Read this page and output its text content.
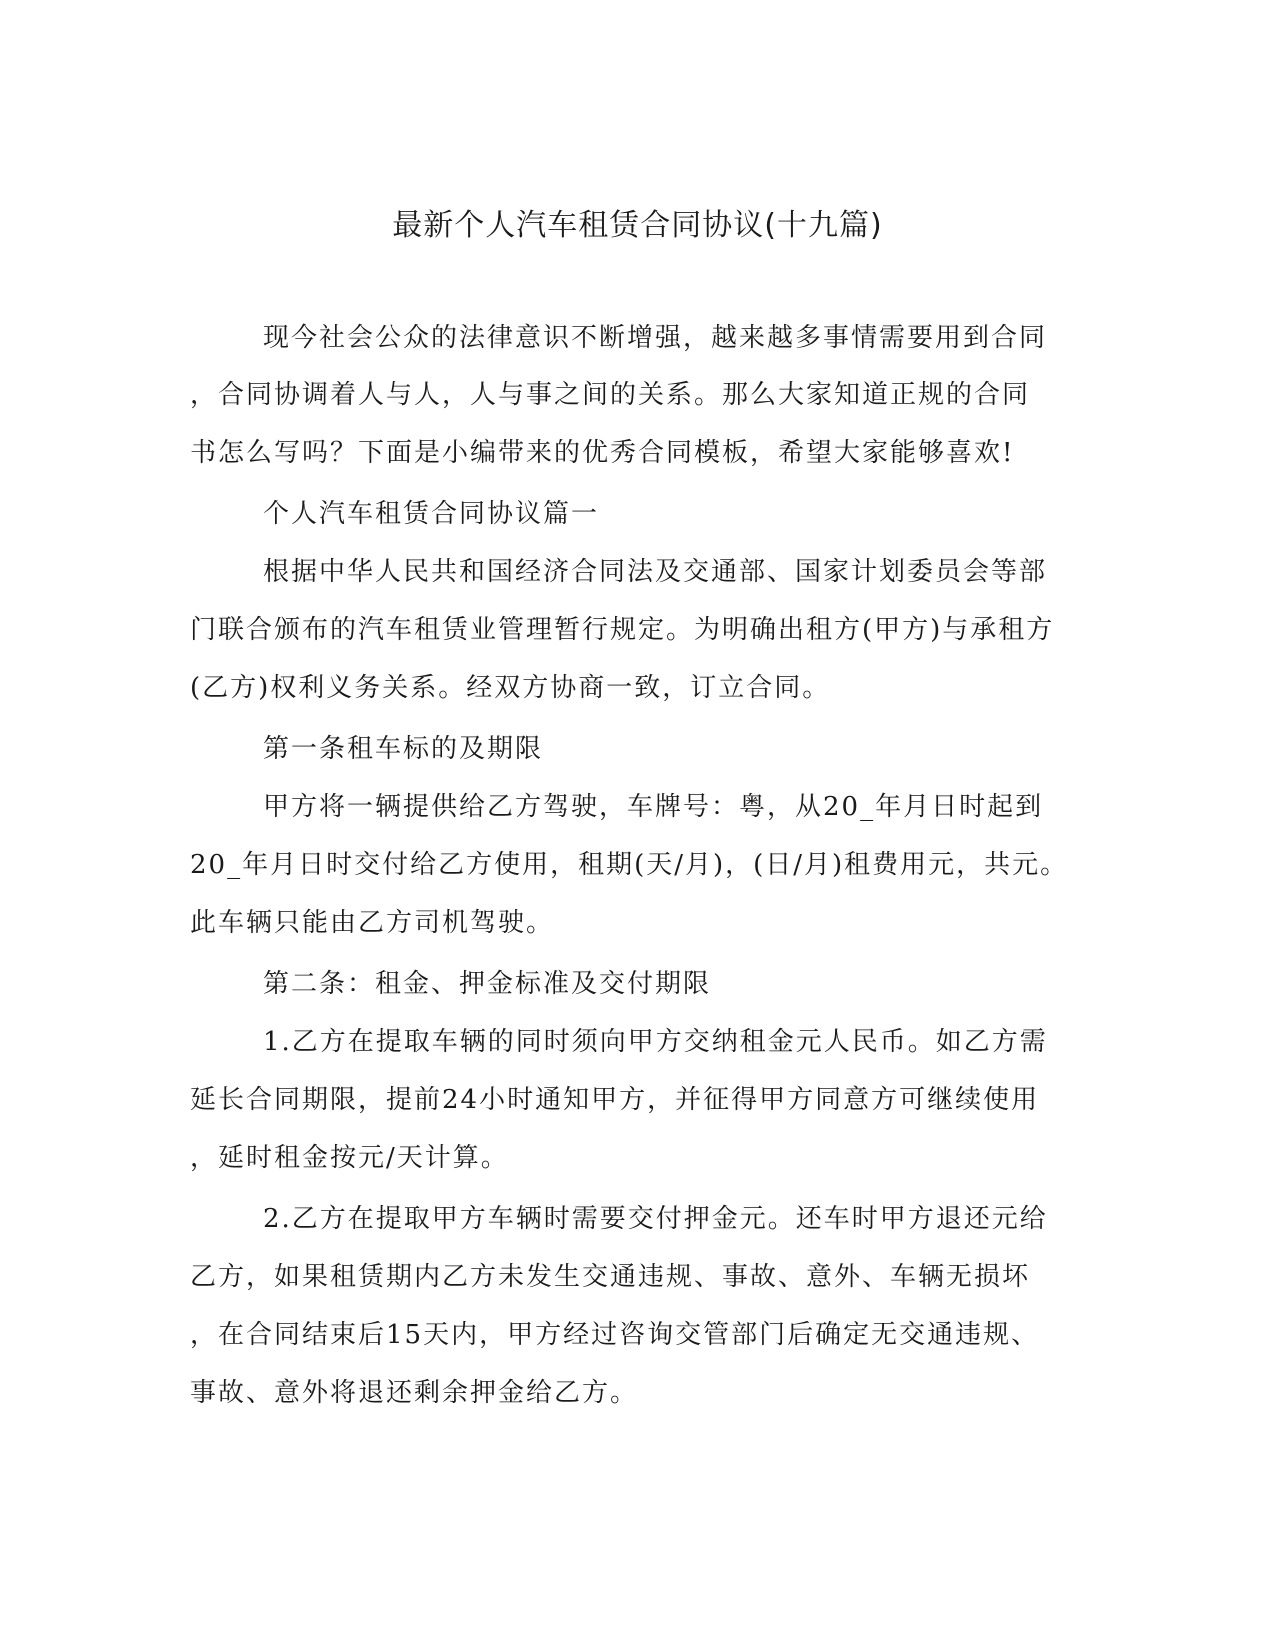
最新个人汽车租赁合同协议(十九篇)
现今社会公众的法律意识不断增强，越来越多事情需要用到合同
，合同协调着人与人，人与事之间的关系。那么大家知道正规的合同
书怎么写吗？下面是小编带来的优秀合同模板，希望大家能够喜欢!
个人汽车租赁合同协议篇一
根据中华人民共和国经济合同法及交通部、国家计划委员会等部
门联合颁布的汽车租赁业管理暂行规定。为明确出租方(甲方)与承租方
(乙方)权利义务关系。经双方协商一致，订立合同。
第一条租车标的及期限
甲方将一辆提供给乙方驾驶，车牌号：粤，从20_年月日时起到
20_年月日时交付给乙方使用，租期(天/月)，(日/月)租费用元，共元。
此车辆只能由乙方司机驾驶。
第二条：租金、押金标准及交付期限
1.乙方在提取车辆的同时须向甲方交纳租金元人民币。如乙方需
延长合同期限，提前24小时通知甲方，并征得甲方同意方可继续使用
，延时租金按元/天计算。
2.乙方在提取甲方车辆时需要交付押金元。还车时甲方退还元给
乙方，如果租赁期内乙方未发生交通违规、事故、意外、车辆无损坏
，在合同结束后15天内，甲方经过咨询交管部门后确定无交通违规、
事故、意外将退还剩余押金给乙方。
